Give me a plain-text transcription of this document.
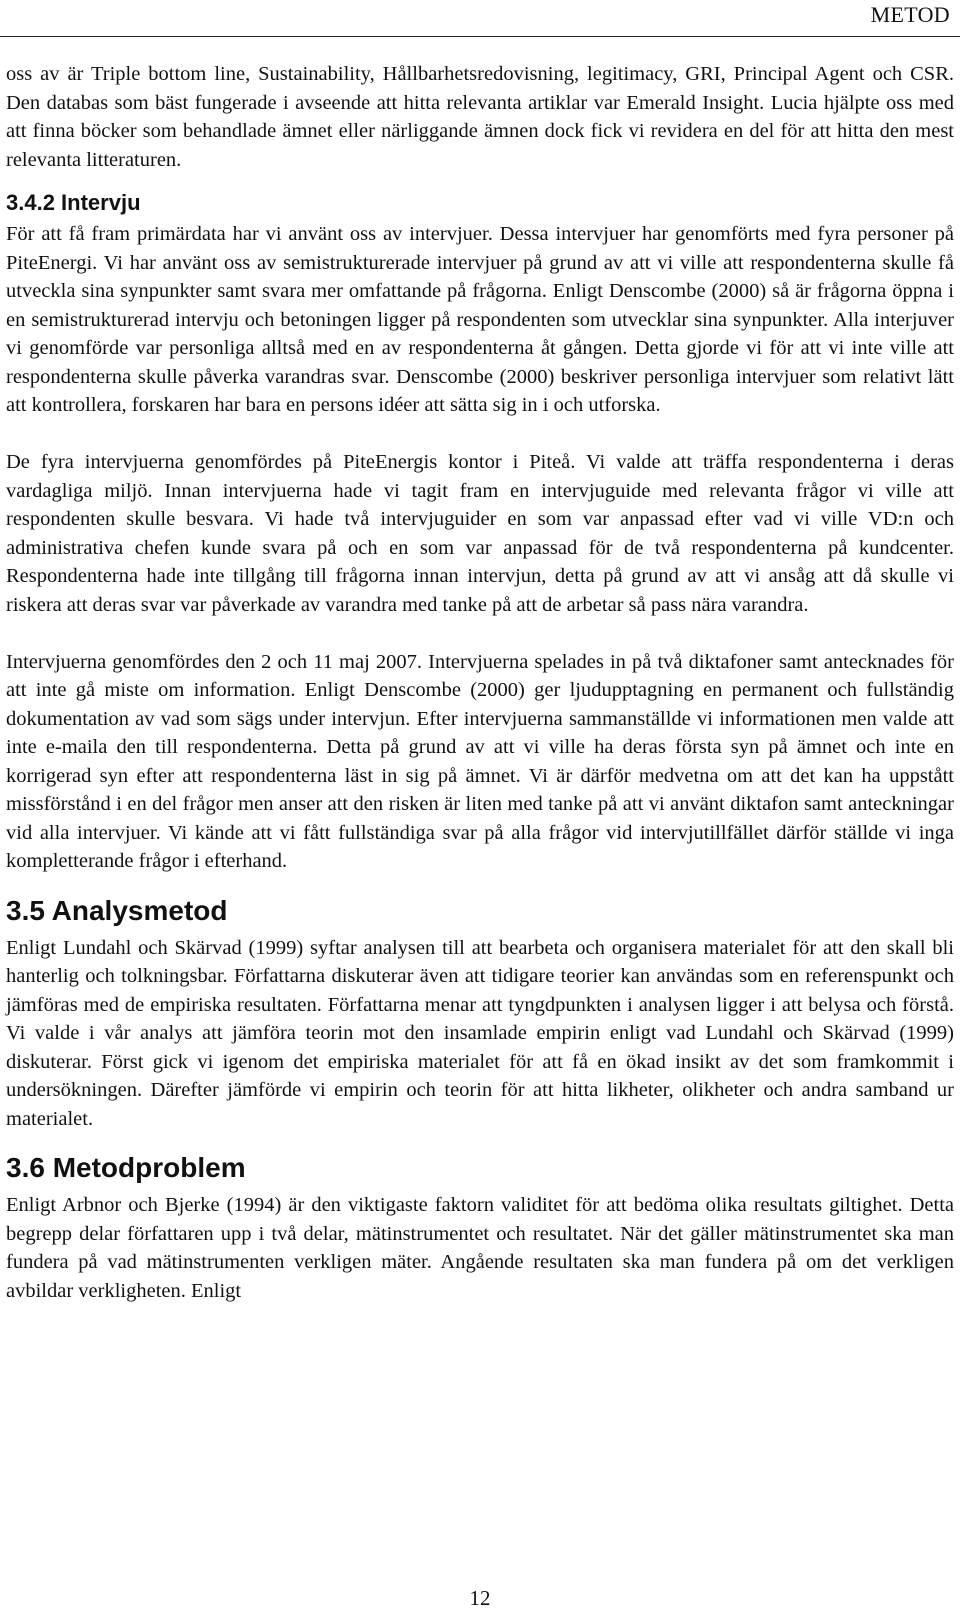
METOD

oss av är Triple bottom line, Sustainability, Hållbarhetsredovisning, legitimacy, GRI, Principal Agent och CSR. Den databas som bäst fungerade i avseende att hitta relevanta artiklar var Emerald Insight. Lucia hjälpte oss med att finna böcker som behandlade ämnet eller närliggande ämnen dock fick vi revidera en del för att hitta den mest relevanta litteraturen.

3.4.2 Intervju

För att få fram primärdata har vi använt oss av intervjuer. Dessa intervjuer har genomförts med fyra personer på PiteEnergi. Vi har använt oss av semistrukturerade intervjuer på grund av att vi ville att respondenterna skulle få utveckla sina synpunkter samt svara mer omfattande på frågorna. Enligt Denscombe (2000) så är frågorna öppna i en semistrukturerad intervju och betoningen ligger på respondenten som utvecklar sina synpunkter. Alla interjuver vi genomförde var personliga alltså med en av respondenterna åt gången. Detta gjorde vi för att vi inte ville att respondenterna skulle påverka varandras svar. Denscombe (2000) beskriver personliga intervjuer som relativt lätt att kontrollera, forskaren har bara en persons idéer att sätta sig in i och utforska.

De fyra intervjuerna genomfördes på PiteEnergis kontor i Piteå. Vi valde att träffa respondenterna i deras vardagliga miljö. Innan intervjuerna hade vi tagit fram en intervjuguide med relevanta frågor vi ville att respondenten skulle besvara. Vi hade två intervjuguider en som var anpassad efter vad vi ville VD:n och administrativa chefen kunde svara på och en som var anpassad för de två respondenterna på kundcenter. Respondenterna hade inte tillgång till frågorna innan intervjun, detta på grund av att vi ansåg att då skulle vi riskera att deras svar var påverkade av varandra med tanke på att de arbetar så pass nära varandra.

Intervjuerna genomfördes den 2 och 11 maj 2007. Intervjuerna spelades in på två diktafoner samt antecknades för att inte gå miste om information. Enligt Denscombe (2000) ger ljudupptagning en permanent och fullständig dokumentation av vad som sägs under intervjun. Efter intervjuerna sammanställde vi informationen men valde att inte e-maila den till respondenterna. Detta på grund av att vi ville ha deras första syn på ämnet och inte en korrigerad syn efter att respondenterna läst in sig på ämnet. Vi är därför medvetna om att det kan ha uppstått missförstånd i en del frågor men anser att den risken är liten med tanke på att vi använt diktafon samt anteckningar vid alla intervjuer. Vi kände att vi fått fullständiga svar på alla frågor vid intervjutillfället därför ställde vi inga kompletterande frågor i efterhand.

3.5 Analysmetod

Enligt Lundahl och Skärvad (1999) syftar analysen till att bearbeta och organisera materialet för att den skall bli hanterlig och tolkningsbar. Författarna diskuterar även att tidigare teorier kan användas som en referenspunkt och jämföras med de empiriska resultaten. Författarna menar att tyngdpunkten i analysen ligger i att belysa och förstå. Vi valde i vår analys att jämföra teorin mot den insamlade empirin enligt vad Lundahl och Skärvad (1999) diskuterar. Först gick vi igenom det empiriska materialet för att få en ökad insikt av det som framkommit i undersökningen. Därefter jämförde vi empirin och teorin för att hitta likheter, olikheter och andra samband ur materialet.

3.6 Metodproblem

Enligt Arbnor och Bjerke (1994) är den viktigaste faktorn validitet för att bedöma olika resultats giltighet. Detta begrepp delar författaren upp i två delar, mätinstrumentet och resultatet. När det gäller mätinstrumentet ska man fundera på vad mätinstrumenten verkligen mäter. Angående resultaten ska man fundera på om det verkligen avbildar verkligheten. Enligt

12
